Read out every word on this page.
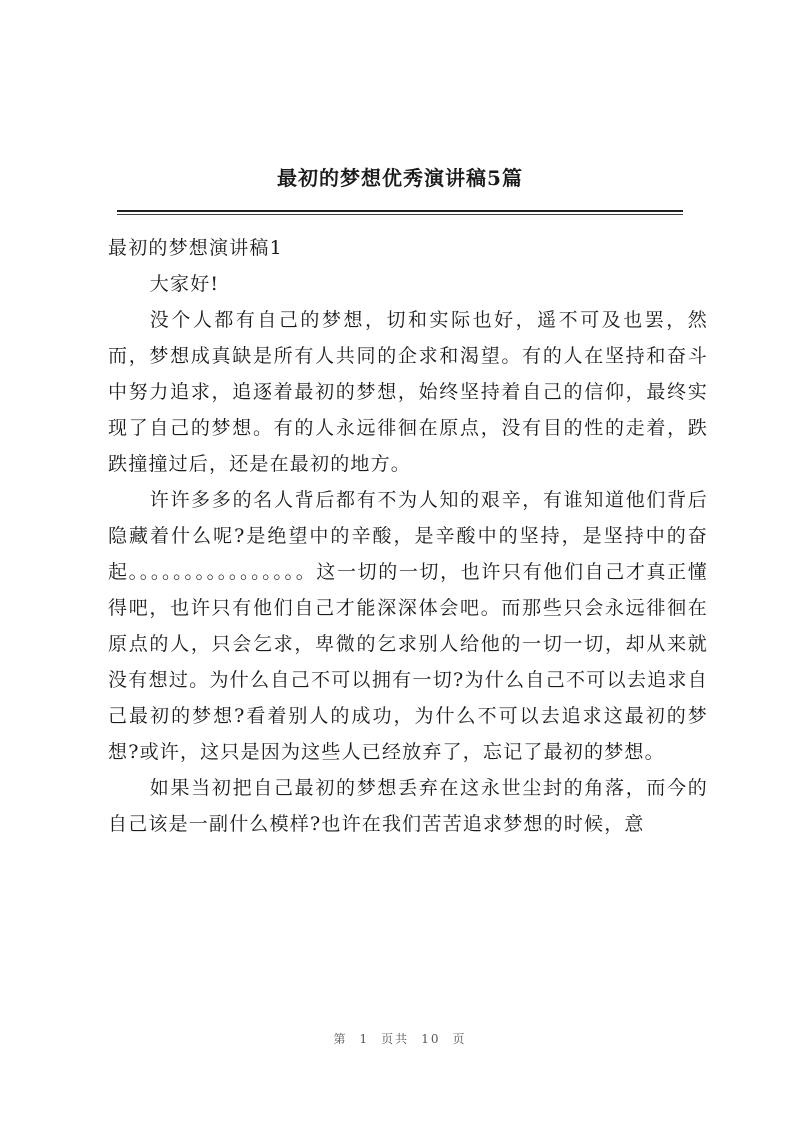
最初的梦想优秀演讲稿5篇

最初的梦想演讲稿1

大家好!

没个人都有自己的梦想，切和实际也好，遥不可及也罢，然而，梦想成真缺是所有人共同的企求和渴望。有的人在坚持和奋斗中努力追求，追逐着最初的梦想，始终坚持着自己的信仰，最终实现了自己的梦想。有的人永远徘徊在原点，没有目的性的走着，跌跌撞撞过后，还是在最初的地方。

许许多多的名人背后都有不为人知的艰辛，有谁知道他们背后隐藏着什么呢?是绝望中的辛酸，是辛酸中的坚持，是坚持中的奋起。。。。。。。。。。。。。。。。这一切的一切，也许只有他们自己才真正懂得吧，也许只有他们自己才能深深体会吧。而那些只会永远徘徊在原点的人，只会乞求，卑微的乞求别人给他的一切一切，却从来就没有想过。为什么自己不可以拥有一切?为什么自己不可以去追求自己最初的梦想?看着别人的成功，为什么不可以去追求这最初的梦想?或许，这只是因为这些人已经放弃了，忘记了最初的梦想。

如果当初把自己最初的梦想丢弃在这永世尘封的角落，而今的自己该是一副什么模样?也许在我们苦苦追求梦想的时候，意

第 1 页共 10 页
